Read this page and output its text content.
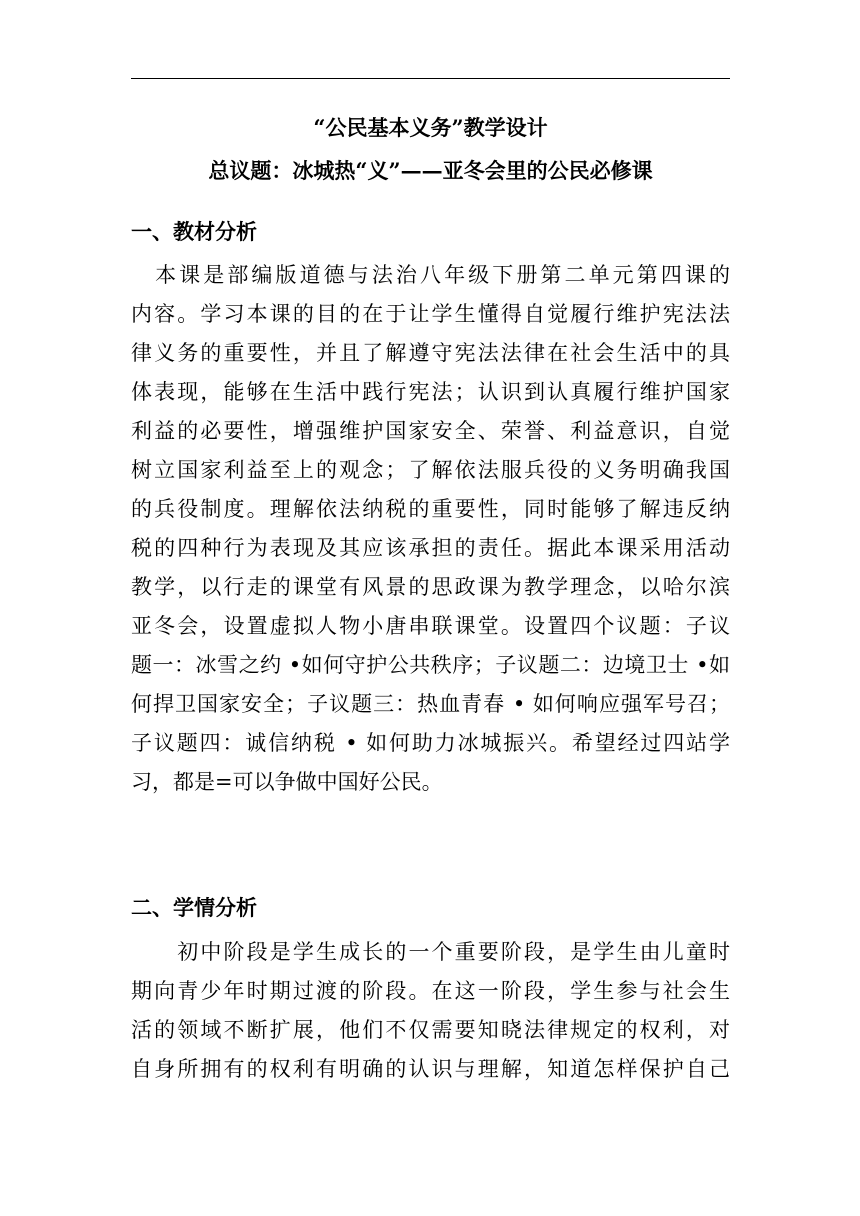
“公民基本义务”教学设计
总议题：冰城热“义”——亚冬会里的公民必修课
一、教材分析
　本课是部编版道德与法治八年级下册第二单元第四课的
内容。学习本课的目的在于让学生懂得自觉履行维护宪法法
律义务的重要性，并且了解遵守宪法法律在社会生活中的具
体表现，能够在生活中践行宪法；认识到认真履行维护国家
利益的必要性，增强维护国家安全、荣誉、利益意识，自觉
树立国家利益至上的观念；了解依法服兵役的义务明确我国
的兵役制度。理解依法纳税的重要性，同时能够了解违反纳
税的四种行为表现及其应该承担的责任。据此本课采用活动
教学，以行走的课堂有风景的思政课为教学理念，以哈尔滨
亚冬会，设置虚拟人物小唐串联课堂。设置四个议题：子议
题一：冰雪之约 •如何守护公共秩序；子议题二：边境卫士 •如
何捍卫国家安全；子议题三：热血青春 • 如何响应强军号召；
子议题四：诚信纳税 • 如何助力冰城振兴。希望经过四站学
习，都是=可以争做中国好公民。
二、学情分析
　　初中阶段是学生成长的一个重要阶段，是学生由儿童时
期向青少年时期过渡的阶段。在这一阶段，学生参与社会生
活的领域不断扩展，他们不仅需要知晓法律规定的权利，对
自身所拥有的权利有明确的认识与理解，知道怎样保护自己
